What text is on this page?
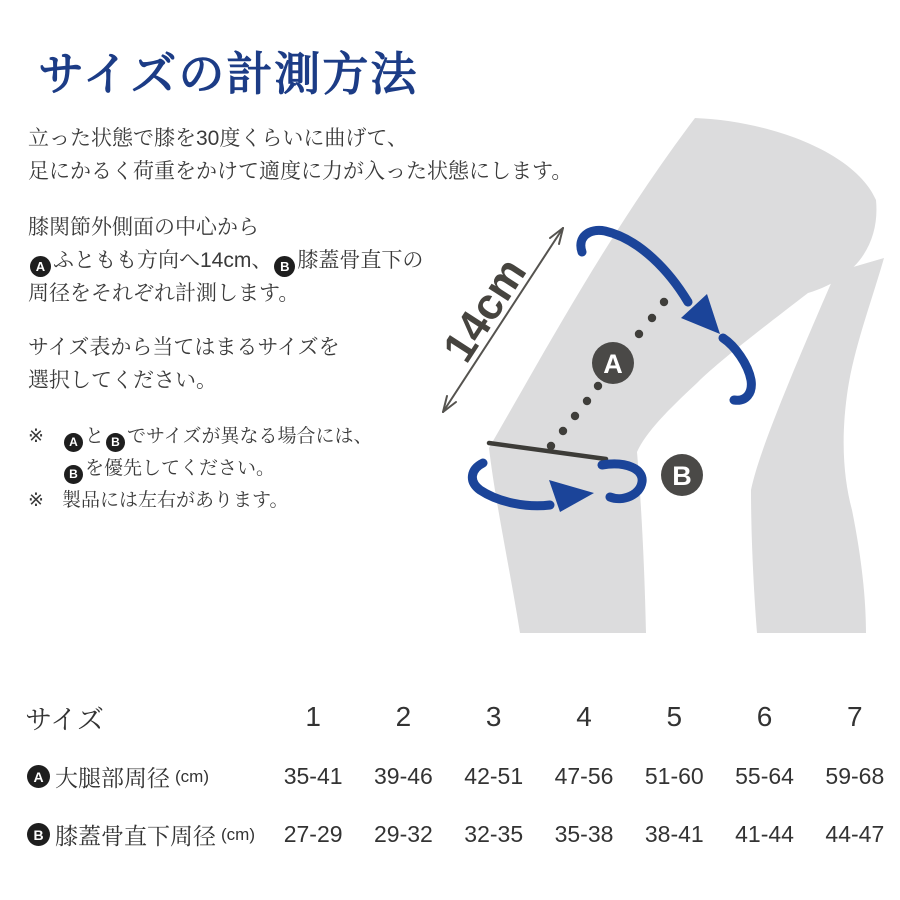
サイズの計測方法
立った状態で膝を30度くらいに曲げて、
足にかるく荷重をかけて適度に力が入った状態にします。
膝関節外側面の中心から
A ふともも方向へ14cm、 B 膝蓋骨直下の
周径をそれぞれ計測します。
サイズ表から当てはまるサイズを
選択してください。
※	A と B でサイズが異なる場合には、
B を優先してください。
※ 製品には左右があります。
14cm A
B
サイズ	1	2	3	4	5	6	7
A 大腿部周径 (cm)	35-41	39-46	42-51	47-56	51-60	55-64	59-68
B 膝蓋骨直下周径 (cm)	27-29	29-32	32-35	35-38	38-41	41-44	44-47
